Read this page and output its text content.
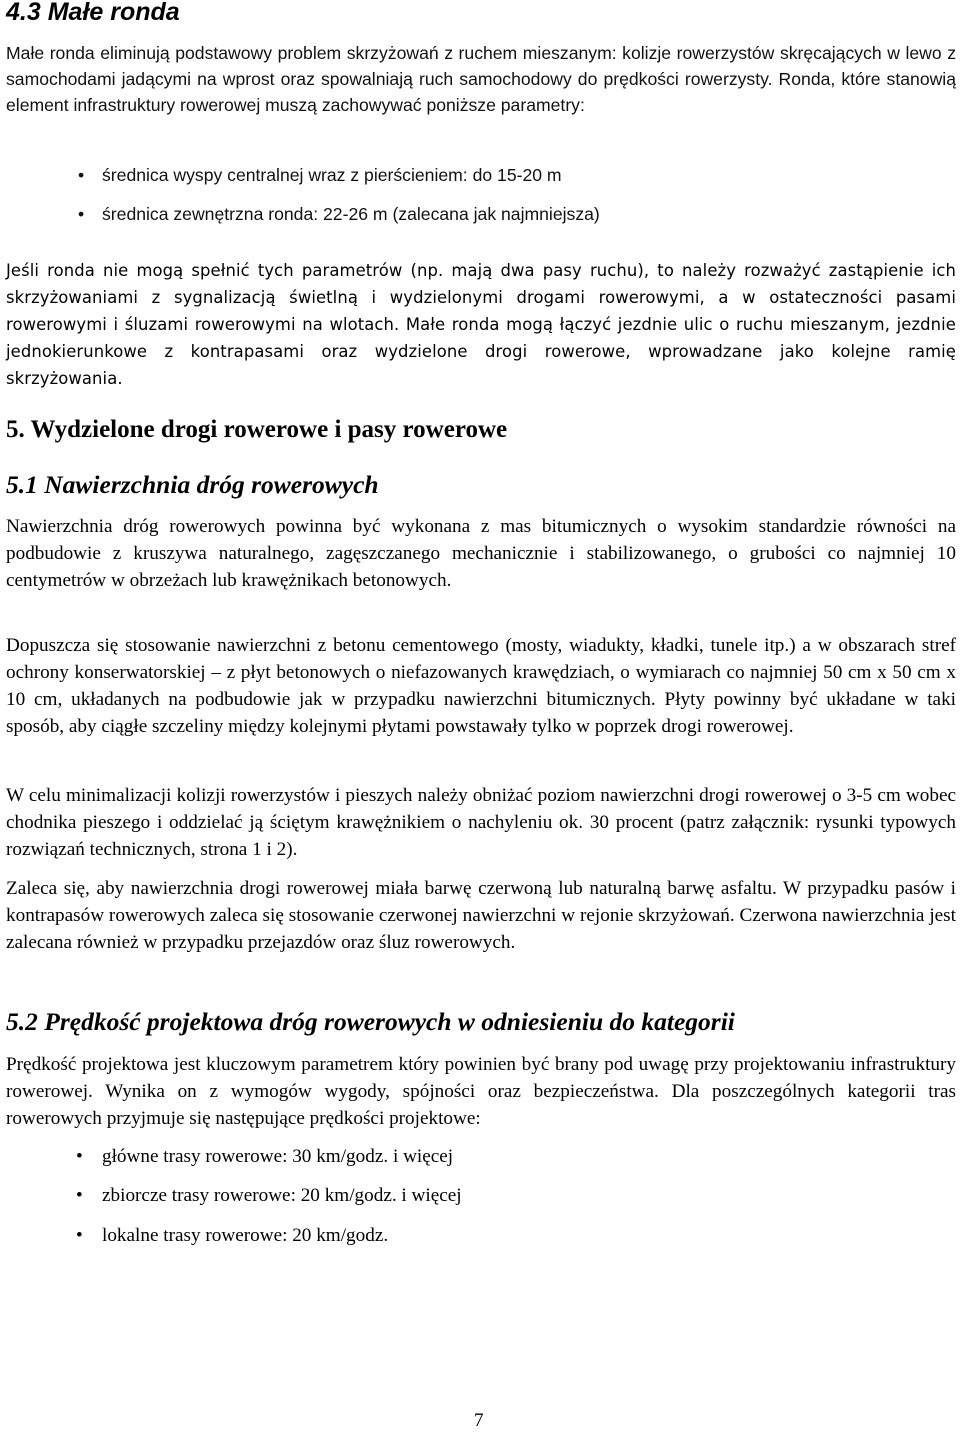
4.3 Małe ronda

Małe ronda eliminują podstawowy problem skrzyżowań z ruchem mieszanym: kolizje rowerzystów skręcających w lewo z samochodami jadącymi na wprost oraz spowalniają ruch samochodowy do prędkości rowerzysty. Ronda, które stanowią element infrastruktury rowerowej muszą zachowywać poniższe parametry:

• średnica wyspy centralnej wraz z pierścieniem: do 15-20 m
• średnica zewnętrzna ronda: 22-26 m (zalecana jak najmniejsza)

Jeśli ronda nie mogą spełnić tych parametrów (np. mają dwa pasy ruchu), to należy rozważyć zastąpienie ich skrzyżowaniami z sygnalizacją świetlną i wydzielonymi drogami rowerowymi, a w ostateczności pasami rowerowymi i śluzami rowerowymi na wlotach. Małe ronda mogą łączyć jezdnie ulic o ruchu mieszanym, jezdnie jednokierunkowe z kontrapasami oraz wydzielone drogi rowerowe, wprowadzane jako kolejne ramię skrzyżowania.

5. Wydzielone drogi rowerowe i pasy rowerowe
5.1 Nawierzchnia dróg rowerowych

Nawierzchnia dróg rowerowych powinna być wykonana z mas bitumicznych o wysokim standardzie równości na podbudowie z kruszywa naturalnego, zagęszczanego mechanicznie i stabilizowanego, o grubości co najmniej 10 centymetrów w obrzeżach lub krawężnikach betonowych.

Dopuszcza się stosowanie nawierzchni z betonu cementowego (mosty, wiadukty, kładki, tunele itp.) a w obszarach stref ochrony konserwatorskiej – z płyt betonowych o niefazowanych krawędziach, o wymiarach co najmniej 50 cm x 50 cm x 10 cm, układanych na podbudowie jak w przypadku nawierzchni bitumicznych. Płyty powinny być układane w taki sposób, aby ciągłe szczeliny między kolejnymi płytami powstawały tylko w poprzek drogi rowerowej.

W celu minimalizacji kolizji rowerzystów i pieszych należy obniżać poziom nawierzchni drogi rowerowej o 3-5 cm wobec chodnika pieszego i oddzielać ją ściętym krawężnikiem o nachyleniu ok. 30 procent (patrz załącznik: rysunki typowych rozwiązań technicznych, strona 1 i 2).

Zaleca się, aby nawierzchnia drogi rowerowej miała barwę czerwoną lub naturalną barwę asfaltu. W przypadku pasów i kontrapasów rowerowych zaleca się stosowanie czerwonej nawierzchni w rejonie skrzyżowań. Czerwona nawierzchnia jest zalecana również w przypadku przejazdów oraz śluz rowerowych.

5.2 Prędkość projektowa dróg rowerowych w odniesieniu do kategorii

Prędkość projektowa jest kluczowym parametrem który powinien być brany pod uwagę przy projektowaniu infrastruktury rowerowej. Wynika on z wymogów wygody, spójności oraz bezpieczeństwa. Dla poszczególnych kategorii tras rowerowych przyjmuje się następujące prędkości projektowe:

• główne trasy rowerowe: 30 km/godz. i więcej
• zbiorcze trasy rowerowe: 20 km/godz. i więcej
• lokalne trasy rowerowe: 20 km/godz.
7
